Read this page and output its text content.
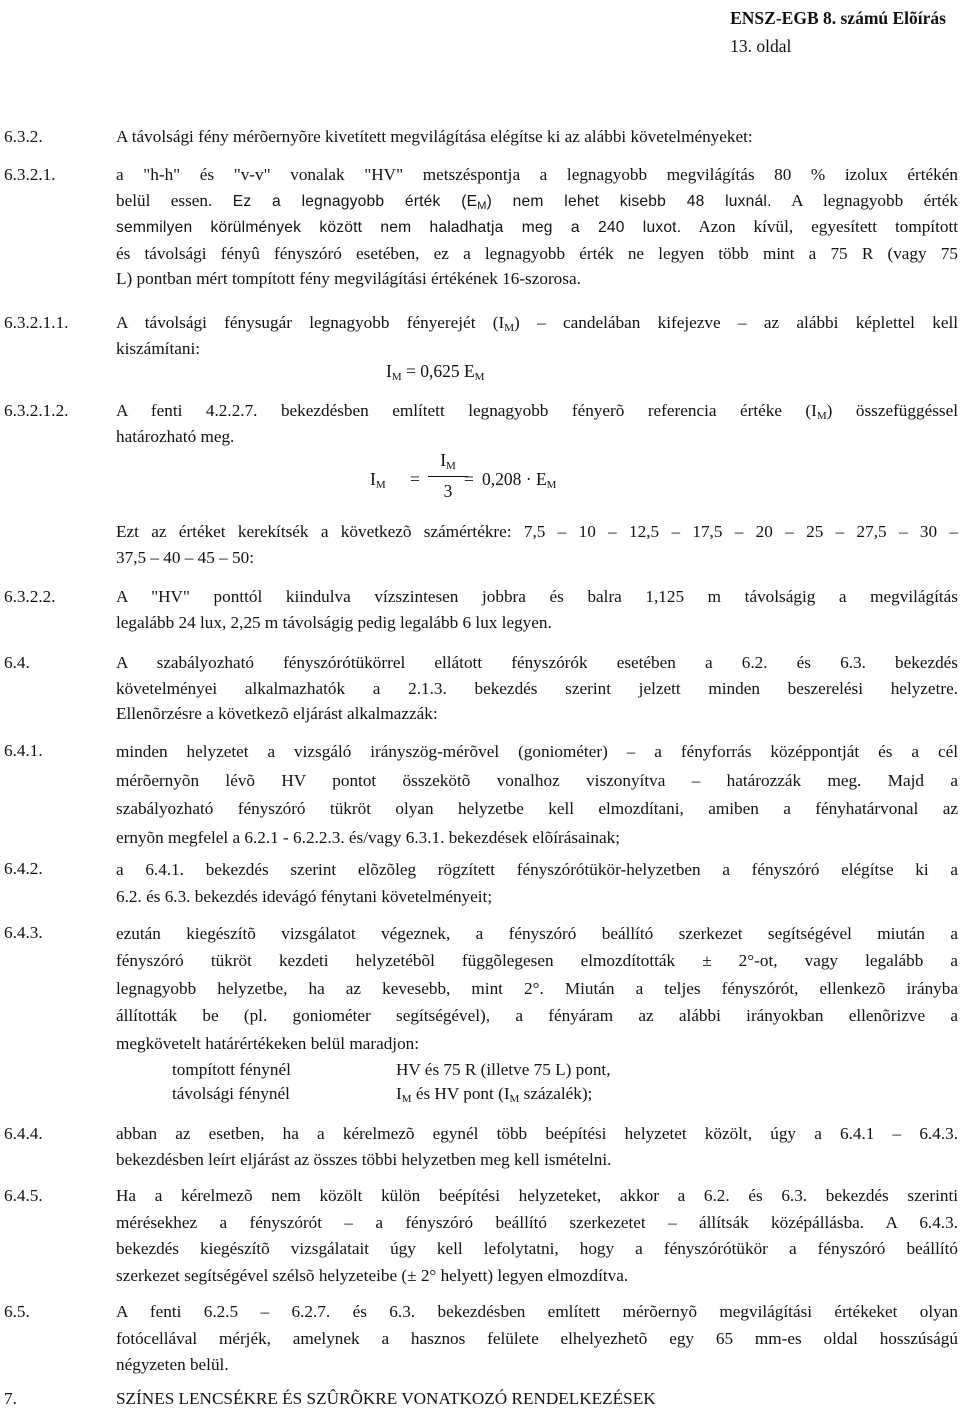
ENSZ-EGB 8. számú Elõírás
13. oldal
6.3.2.	A távolsági fény mérõernyõre kivetített megvilágítása elégítse ki az alábbi követelményeket:
6.3.2.1.	a "h-h" és "v-v" vonalak "HV" metszéspontja a legnagyobb megvilágítás 80 % izolux értékén
belül essen. Ez a legnagyobb érték $(E_M)$ nem lehet kisebb 48 luxnál. A legnagyobb érték
semmilyen körülmények között nem haladhatja meg a 240 luxot. Azon kívül, egyesített tompított
és távolsági fényû fényszóró esetében, ez a legnagyobb érték ne legyen több mint a 75 R (vagy 75
L) pontban mért tompított fény megvilágítási értékének 16-szorosa.
6.3.2.1.1.	A távolsági fénysugár legnagyobb fényerejét $(I_M)$ – candelában kifejezve – az alábbi képlettel kell
kiszámítani:
$I_M = 0,625$ $E_M$
6.3.2.1.2.	A fenti 4.2.2.7. bekezdésben említett legnagyobb fényerõ referencia értéke $(I_M)$ összefüggéssel
határozható meg.
$I_M$ =
$I_M$
3
= $0,208 \cdot E_M$
Ezt az értéket kerekítsék a következõ számértékre: 7,5 – 10 – 12,5 – 17,5 – 20 – 25 – 27,5 – 30 –
37,5 – 40 – 45 – 50:
6.3.2.2.	A "HV" ponttól kiindulva vízszintesen jobbra és balra 1,125 m távolságig a megvilágítás
legalább 24 lux, 2,25 m távolságig pedig legalább 6 lux legyen.
6.4.	A szabályozható fényszórótükörrel ellátott fényszórók esetében a 6.2. és 6.3. bekezdés
követelményei alkalmazhatók a 2.1.3. bekezdés szerint jelzett minden beszerelési helyzetre.
Ellenõrzésre a következõ eljárást alkalmazzák:
6.4.1.	minden helyzetet a vizsgáló irányszög-mérõvel (goniométer) – a fényforrás középpontját és a cél
mérõernyõn lévõ HV pontot összekötõ vonalhoz viszonyítva – határozzák meg. Majd a
szabályozható fényszóró tükröt olyan helyzetbe kell elmozdítani, amiben a fényhatárvonal az
ernyõn megfelel a 6.2.1 - 6.2.2.3. és/vagy 6.3.1. bekezdések elõírásainak;
6.4.2.	a 6.4.1. bekezdés szerint elõzõleg rögzített fényszórótükör-helyzetben a fényszóró elégítse ki a
6.2. és 6.3. bekezdés idevágó fénytani követelményeit;
6.4.3.	ezután kiegészítõ vizsgálatot végeznek, a fényszóró beállító szerkezet segítségével miután a
fényszóró tükröt kezdeti helyzetébõl függõlegesen elmozdították ± 2°-ot, vagy legalább a
legnagyobb helyzetbe, ha az kevesebb, mint 2°. Miután a teljes fényszórót, ellenkezõ irányba
állították be (pl. goniométer segítségével), a fényáram az alábbi irányokban ellenõrizve a
megkövetelt határértékeken belül maradjon:
tompított fénynél	HV és 75 R (illetve 75 L) pont,
távolsági fénynél	$I_M$ és HV pont ($I_M$ százalék);
6.4.4.	abban az esetben, ha a kérelmezõ egynél több beépítési helyzetet közölt, úgy a 6.4.1 – 6.4.3.
bekezdésben leírt eljárást az összes többi helyzetben meg kell ismételni.
6.4.5.	Ha a kérelmezõ nem közölt külön beépítési helyzeteket, akkor a 6.2. és 6.3. bekezdés szerinti
mérésekhez a fényszórót – a fényszóró beállító szerkezetet – állítsák középállásba. A 6.4.3.
bekezdés kiegészítõ vizsgálatait úgy kell lefolytatni, hogy a fényszórótükör a fényszóró beállító
szerkezet segítségével szélsõ helyzeteibe (± 2° helyett) legyen elmozdítva.
6.5.	A fenti 6.2.5 – 6.2.7. és 6.3. bekezdésben említett mérõernyõ megvilágítási értékeket olyan
fotócellával mérjék, amelynek a hasznos felülete elhelyezhetõ egy 65 mm-es oldal hosszúságú
négyzeten belül.
7.	SZÍNES LENCSÉKRE ÉS SZÛRÕKRE VONATKOZÓ RENDELKEZÉSEK
